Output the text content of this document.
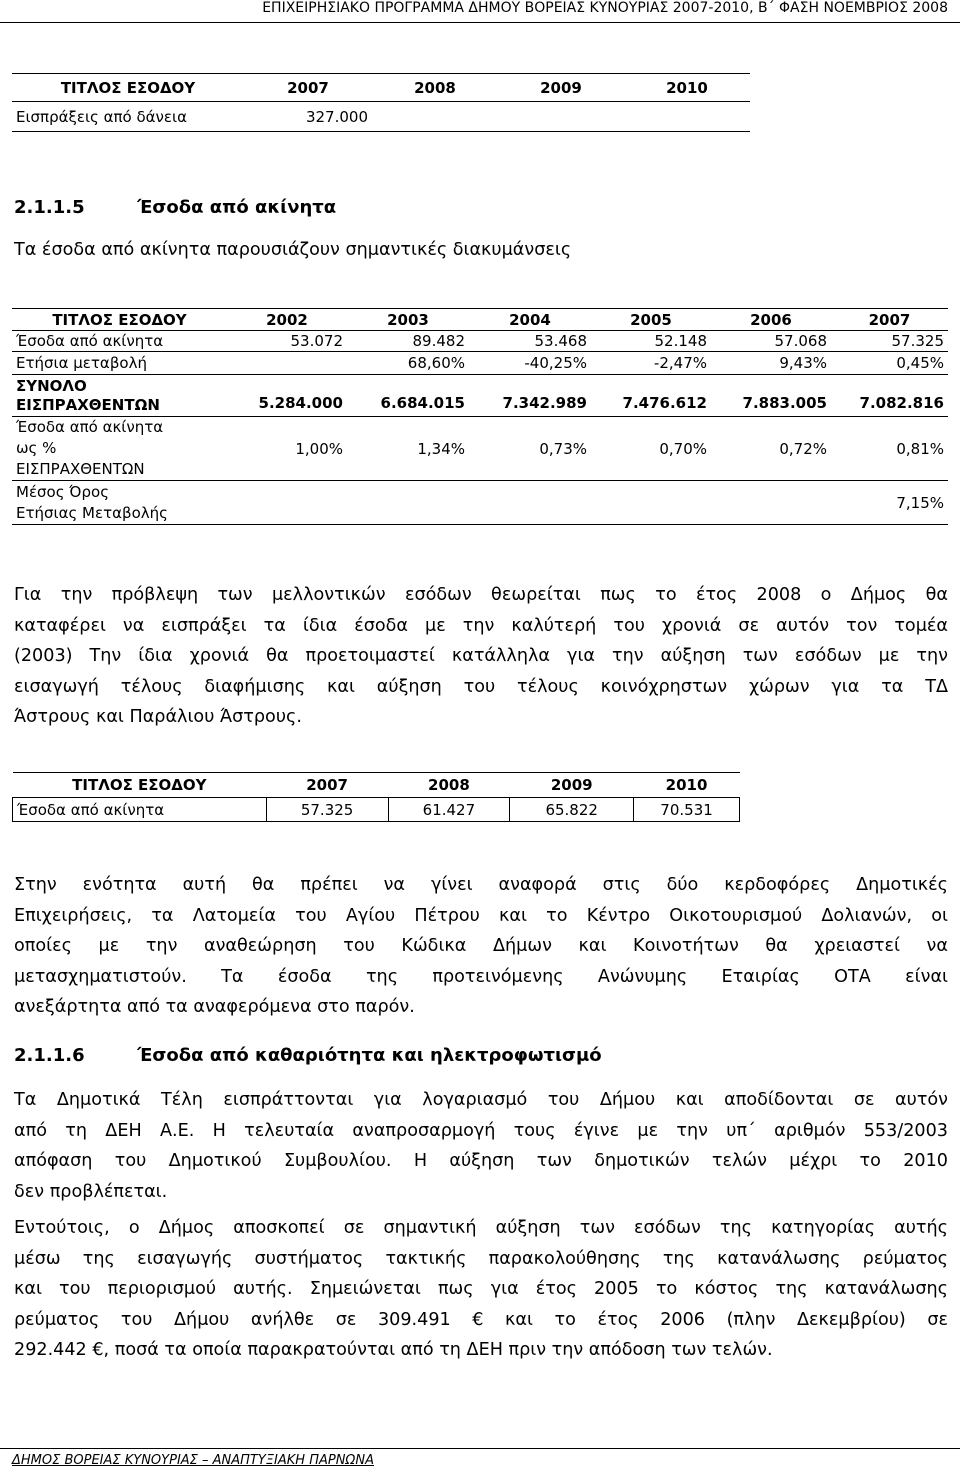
ΕΠΙΧΕΙΡΗΣΙΑΚΟ ΠΡΟΓΡΑΜΜΑ ΔΗΜΟΥ ΒΟΡΕΙΑΣ ΚΥΝΟΥΡΙΑΣ 2007-2010, Β΄ ΦΑΣΗ ΝΟΕΜΒΡΙΟΣ 2008
ΤΙΤΛΟΣ ΕΣΟΔΟΥ	2007	2008	2009	2010
Εισπράξεις από δάνεια	327.000			
2.1.1.5	Έσοδα από ακίνητα
Τα έσοδα από ακίνητα παρουσιάζουν σημαντικές διακυμάνσεις
ΤΙΤΛΟΣ ΕΣΟΔΟΥ	2002	2003	2004	2005	2006	2007
Έσοδα από ακίνητα	53.072	89.482	53.468	52.148	57.068	57.325
Ετήσια μεταβολή		68,60%	-40,25%	-2,47%	9,43%	0,45%
ΣΥΝΟΛΟ
ΕΙΣΠΡΑΧΘΕΝΤΩΝ	5.284.000	6.684.015	7.342.989	7.476.612	7.883.005	7.082.816
Έσοδα από ακίνητα
ως %
ΕΙΣΠΡΑΧΘΕΝΤΩΝ	1,00%	1,34%	0,73%	0,70%	0,72%	0,81%
Μέσος Όρος
Ετήσιας Μεταβολής						7,15%
Για την πρόβλεψη των μελλοντικών εσόδων θεωρείται πως το έτος 2008 ο Δήμος θα
καταφέρει να εισπράξει τα ίδια έσοδα με την καλύτερή του χρονιά σε αυτόν τον τομέα
(2003) Την ίδια χρονιά θα προετοιμαστεί κατάλληλα για την αύξηση των εσόδων με την
εισαγωγή τέλους διαφήμισης και αύξηση του τέλους κοινόχρηστων χώρων για τα ΤΔ
Άστρους και Παράλιου Άστρους.
ΤΙΤΛΟΣ ΕΣΟΔΟΥ	2007	2008	2009	2010
Έσοδα από ακίνητα	57.325	61.427	65.822	70.531
Στην ενότητα αυτή θα πρέπει να γίνει αναφορά στις δύο κερδοφόρες Δημοτικές
Επιχειρήσεις, τα Λατομεία του Αγίου Πέτρου και το Κέντρο Οικοτουρισμού Δολιανών, οι
οποίες με την αναθεώρηση του Κώδικα Δήμων και Κοινοτήτων θα χρειαστεί να
μετασχηματιστούν. Τα έσοδα της προτεινόμενης Ανώνυμης Εταιρίας ΟΤΑ είναι
ανεξάρτητα από τα αναφερόμενα στο παρόν.
2.1.1.6	Έσοδα από καθαριότητα και ηλεκτροφωτισμό
Τα Δημοτικά Τέλη εισπράττονται για λογαριασμό του Δήμου και αποδίδονται σε αυτόν
από τη ΔΕΗ Α.Ε. Η τελευταία αναπροσαρμογή τους έγινε με την υπ΄ αριθμόν 553/2003
απόφαση του Δημοτικού Συμβουλίου. Η αύξηση των δημοτικών τελών μέχρι το 2010
δεν προβλέπεται.
Εντούτοις, ο Δήμος αποσκοπεί σε σημαντική αύξηση των εσόδων της κατηγορίας αυτής
μέσω της εισαγωγής συστήματος τακτικής παρακολούθησης της κατανάλωσης ρεύματος
και του περιορισμού αυτής. Σημειώνεται πως για έτος 2005 το κόστος της κατανάλωσης
ρεύματος του Δήμου ανήλθε σε 309.491 € και το έτος 2006 (πλην Δεκεμβρίου) σε
292.442 €, ποσά τα οποία παρακρατούνται από τη ΔΕΗ πριν την απόδοση των τελών.
ΔΗΜΟΣ ΒΟΡΕΙΑΣ ΚΥΝΟΥΡΙΑΣ – ΑΝΑΠΤΥΞΙΑΚΗ ΠΑΡΝΩΝΑ
